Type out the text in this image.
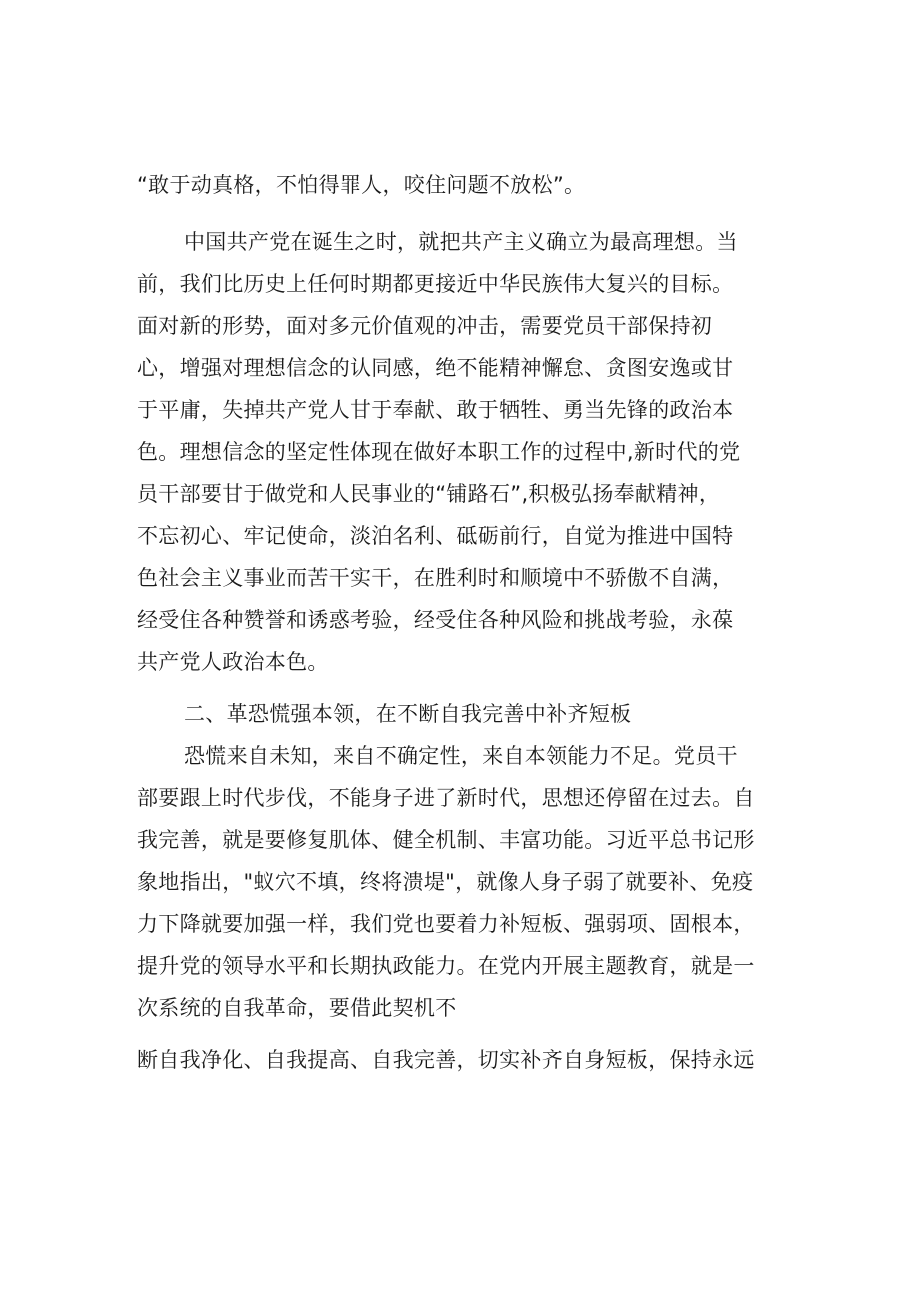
“敢于动真格，不怕得罪人，咬住问题不放松”。

中国共产党在诞生之时，就把共产主义确立为最高理想。当

前，我们比历史上任何时期都更接近中华民族伟大复兴的目标。

面对新的形势，面对多元价值观的冲击，需要党员干部保持初

心，增强对理想信念的认同感，绝不能精神懈怠、贪图安逸或甘

于平庸，失掉共产党人甘于奉献、敢于牺牲、勇当先锋的政治本

色。理想信念的坚定性体现在做好本职工作的过程中,新时代的党

员干部要甘于做党和人民事业的“铺路石”,积极弘扬奉献精神，

不忘初心、牢记使命，淡泊名利、砥砺前行，自觉为推进中国特

色社会主义事业而苦干实干，在胜利时和顺境中不骄傲不自满，

经受住各种赞誉和诱惑考验，经受住各种风险和挑战考验，永葆

共产党人政治本色。

二、革恐慌强本领，在不断自我完善中补齐短板

恐慌来自未知，来自不确定性，来自本领能力不足。党员干

部要跟上时代步伐，不能身子进了新时代，思想还停留在过去。自

我完善，就是要修复肌体、健全机制、丰富功能。习近平总书记形

象地指出，"蚁穴不填，终将溃堤"，就像人身子弱了就要补、免疫

力下降就要加强一样，我们党也要着力补短板、强弱项、固根本，

提升党的领导水平和长期执政能力。在党内开展主题教育，就是一

次系统的自我革命，要借此契机不

断自我净化、自我提高、自我完善，切实补齐自身短板，保持永远
